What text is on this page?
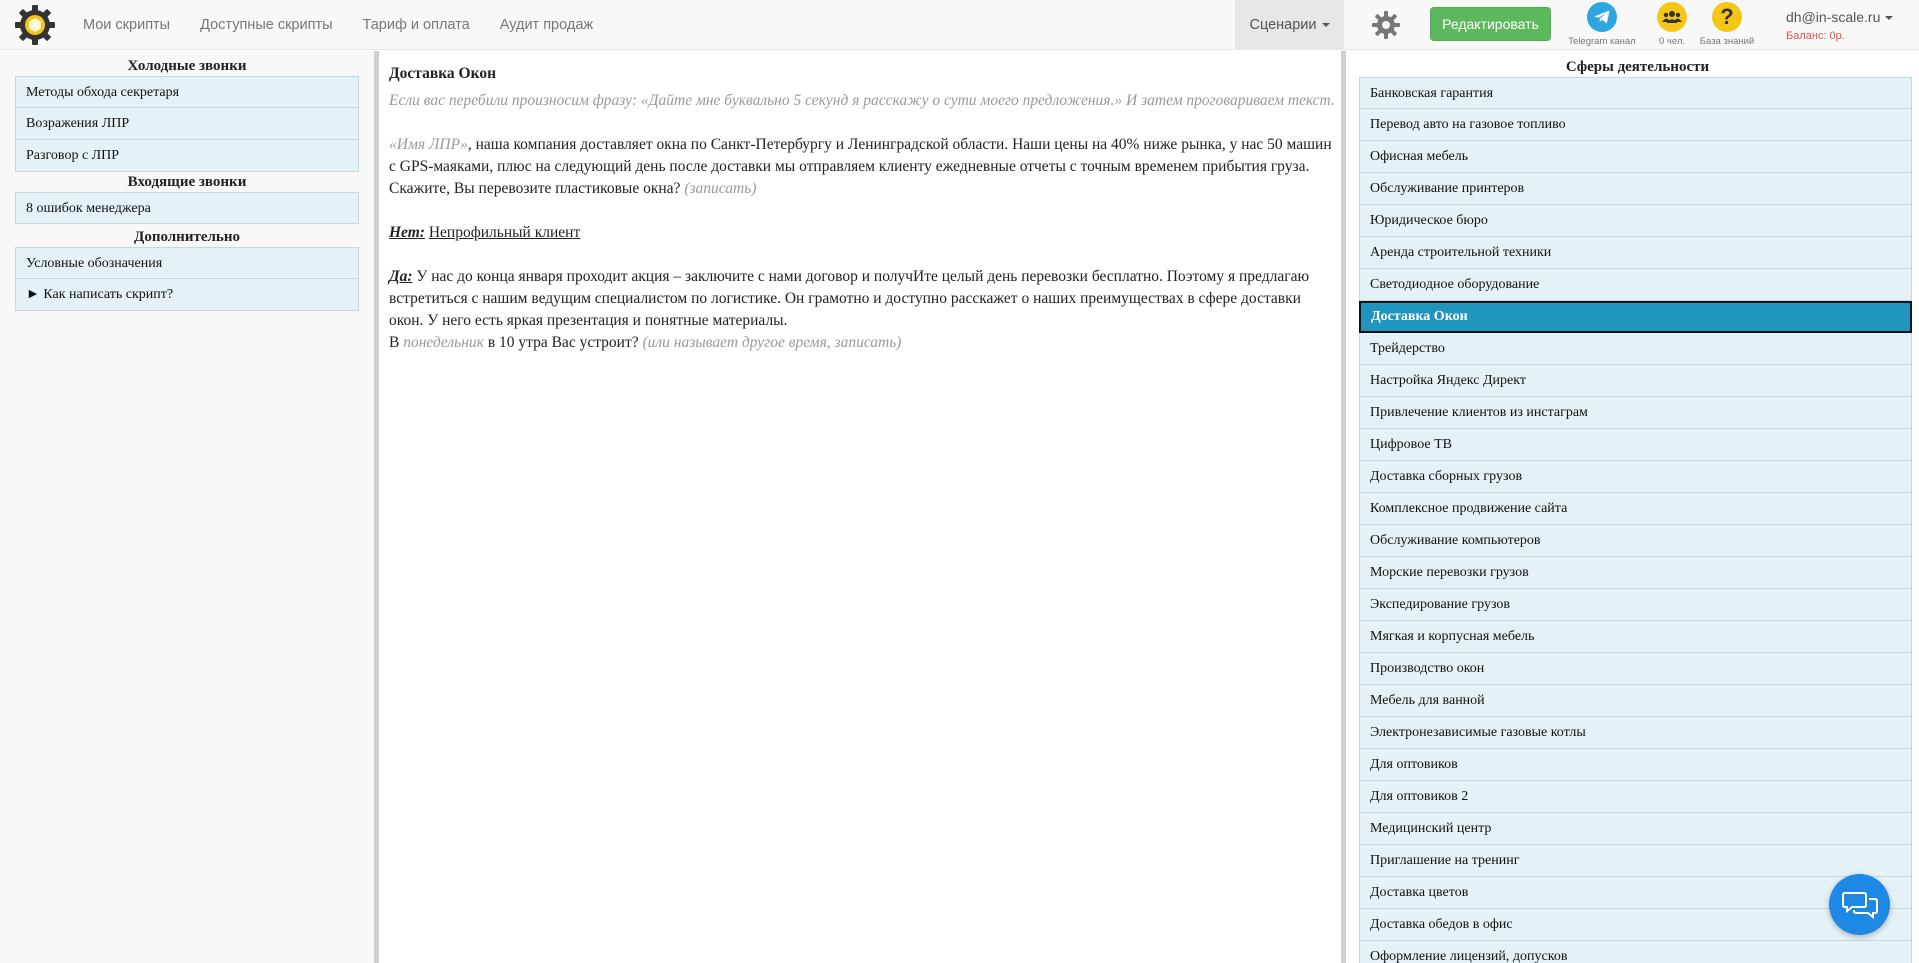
Мои скрипты	Доступные скрипты	Тариф и оплата	Аудит продаж	Сценарии	Редактировать
Telegram канал	0 чел.
?
База знаний
dh@in-scale.ru
Баланс: 0р.
Холодные звонки
Методы обхода секретаря
Возражения ЛПР
Разговор с ЛПР
Входящие звонки
8 ошибок менеджера
Дополнительно
Условные обозначения
► Как написать скрипт?
Доставка Окон
Если вас перебили произносим фразу: «Дайте мне буквально 5 секунд я расскажу о сути моего предложения.» И затем проговариваем текст.
«Имя ЛПР», наша компания доставляет окна по Санкт-Петербургу и Ленинградской области. Наши цены на 40% ниже рынка, у нас 50 машин с GPS-маяками, плюс на следующий день после доставки мы отправляем клиенту ежедневные отчеты с точным временем прибытия груза. Скажите, Вы перевозите пластиковые окна? (записать)
Нет: Непрофильный клиент
Да: У нас до конца января проходит акция – заключите с нами договор и получИте целый день перевозки бесплатно. Поэтому я предлагаю встретиться с нашим ведущим специалистом по логистике. Он грамотно и доступно расскажет о наших преимуществах в сфере доставки окон. У него есть яркая презентация и понятные материалы.
В понедельник в 10 утра Вас устроит? (или называет другое время, записать)
Сферы деятельности
Банковская гарантия
Перевод авто на газовое топливо
Офисная мебель
Обслуживание принтеров
Юридическое бюро
Аренда строительной техники
Светодиодное оборудование
Доставка Окон
Трейдерство
Настройка Яндекс Директ
Привлечение клиентов из инстаграм
Цифровое ТВ
Доставка сборных грузов
Комплексное продвижение сайта
Обслуживание компьютеров
Морские перевозки грузов
Экспедирование грузов
Мягкая и корпусная мебель
Производство окон
Мебель для ванной
Электронезависимые газовые котлы
Для оптовиков
Для оптовиков 2
Медицинский центр
Приглашение на тренинг
Доставка цветов
Доставка обедов в офис
Оформление лицензий, допусков
